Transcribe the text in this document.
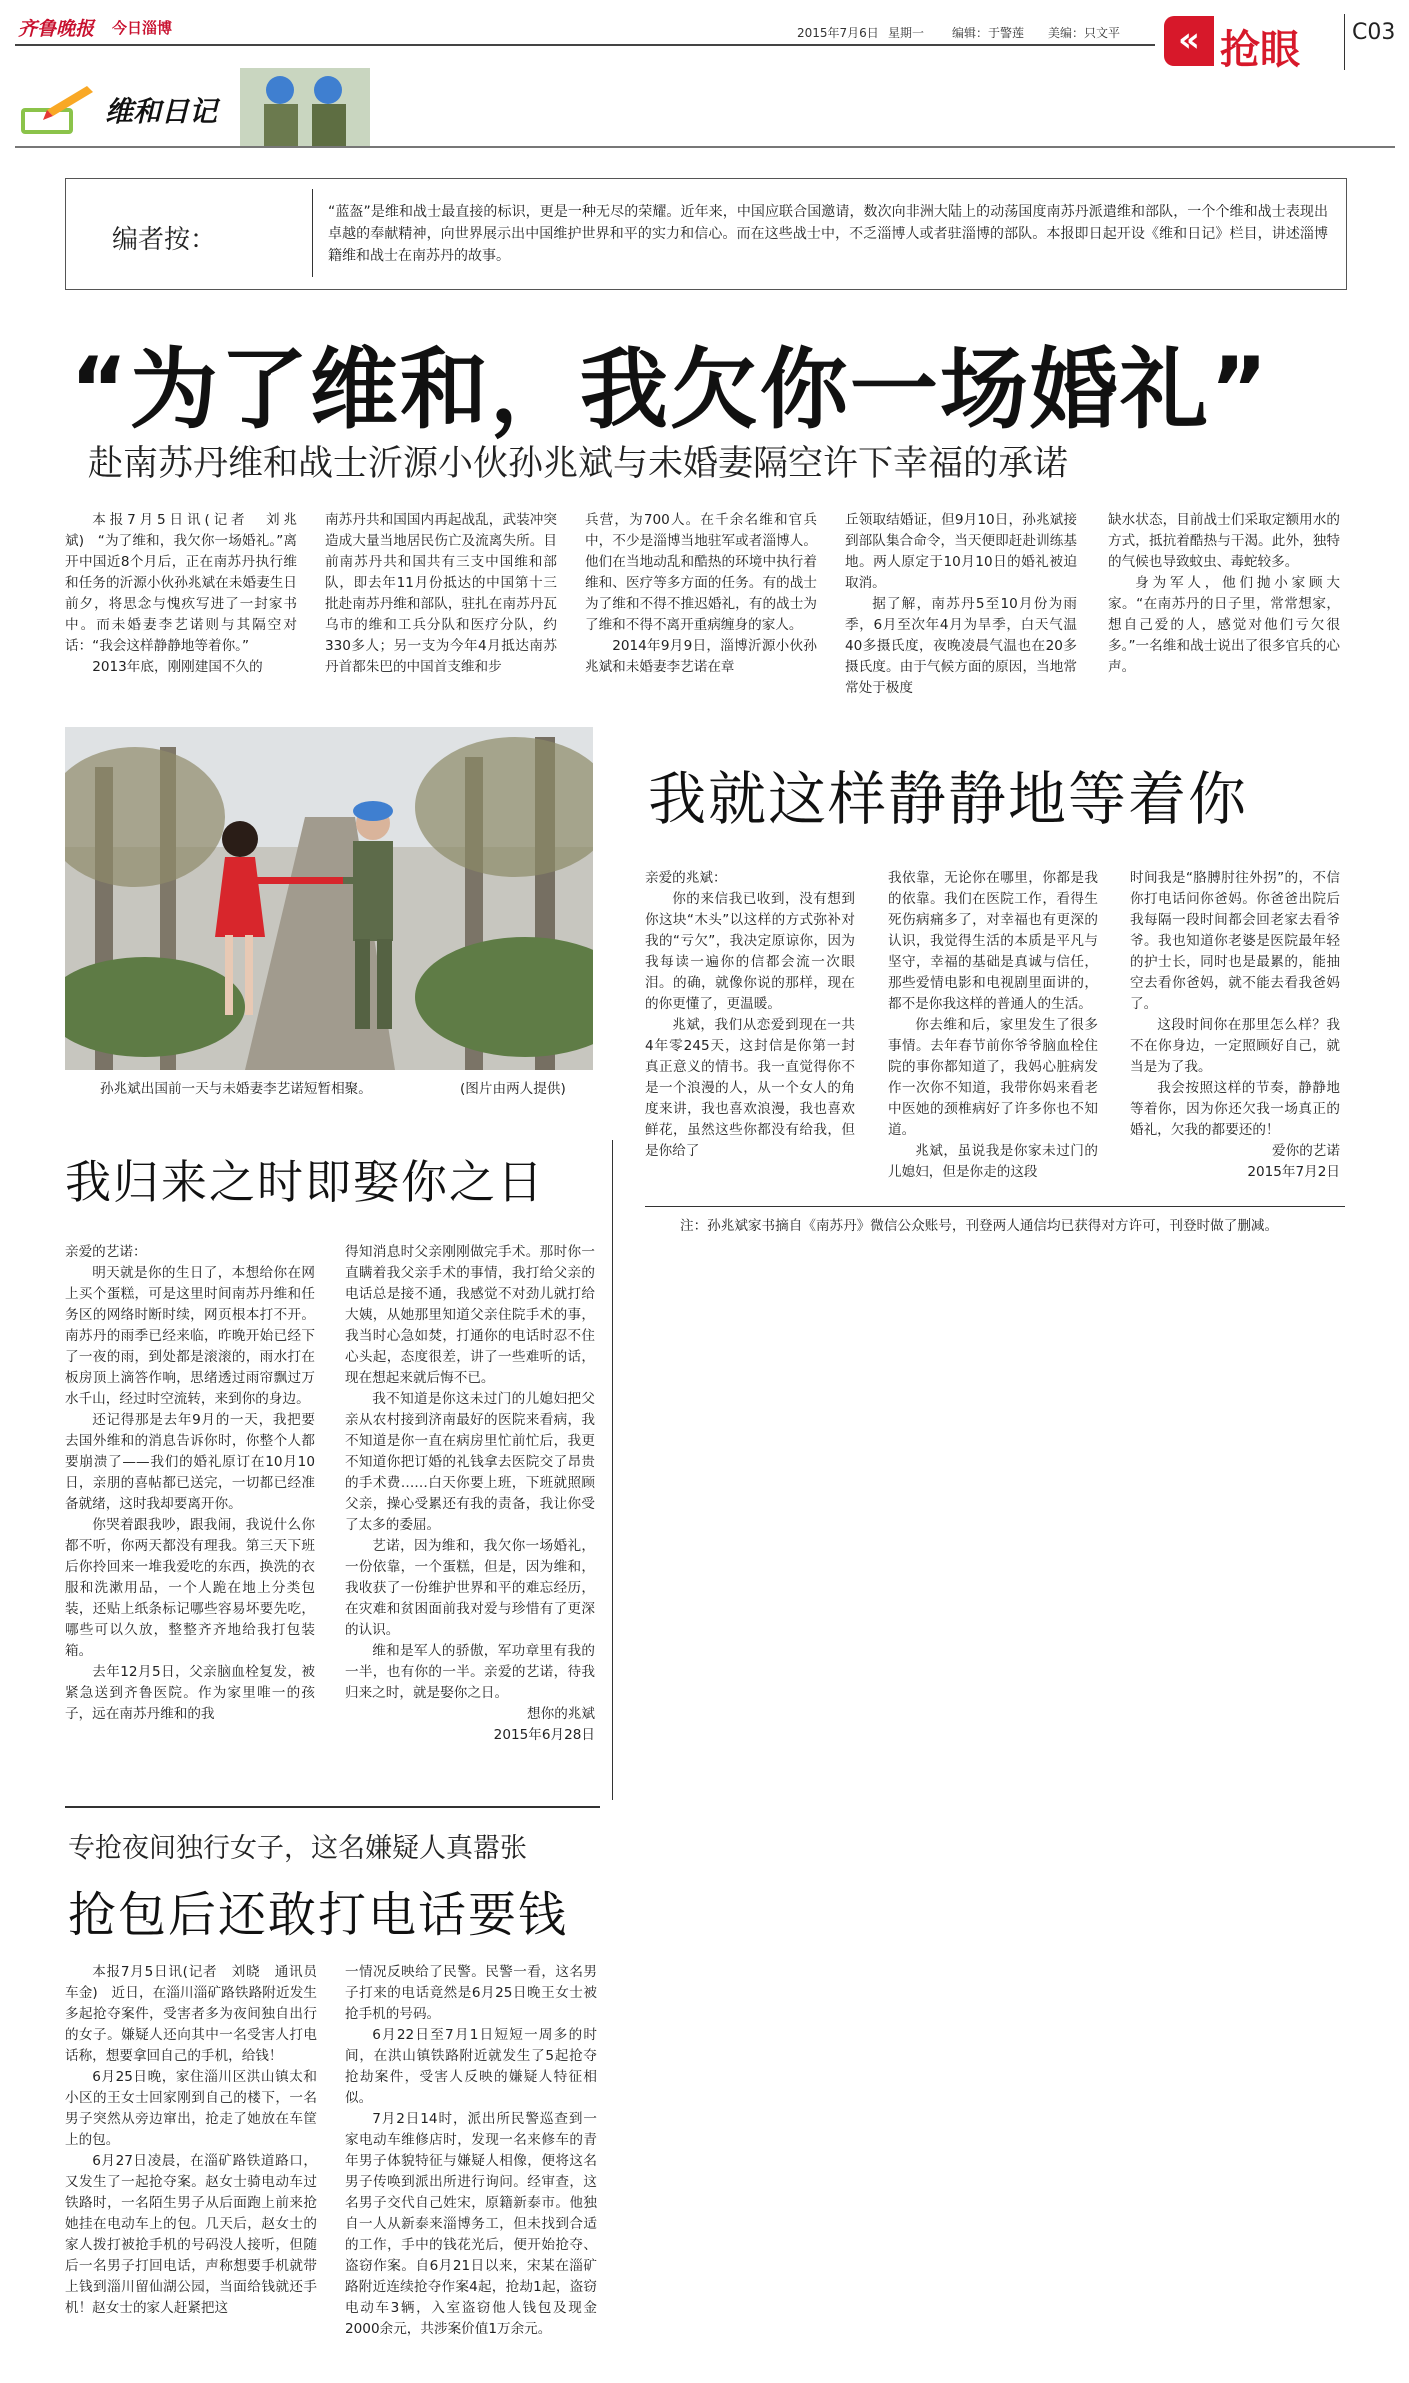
齐鲁晚报 今日淄博	2015年7月6日 星期一 编辑：于警莲 美编：只文平	« 抢眼 C03
维和日记
编者按：
“蓝盔”是维和战士最直接的标识，更是一种无尽的荣耀。近年来，中国应联合国邀请，数次向非洲大陆上的动荡国度南苏丹派遣维和部队，一个个维和战士表现出卓越的奉献精神，向世界展示出中国维护世界和平的实力和信心。而在这些战士中，不乏淄博人或者驻淄博的部队。本报即日起开设《维和日记》栏目，讲述淄博籍维和战士在南苏丹的故事。
“为了维和，我欠你一场婚礼”
赴南苏丹维和战士沂源小伙孙兆斌与未婚妻隔空许下幸福的承诺

本报7月5日讯(记者　刘兆斌)　“为了维和，我欠你一场婚礼。”离开中国近8个月后，正在南苏丹执行维和任务的沂源小伙孙兆斌在未婚妻生日前夕，将思念与愧疚写进了一封家书中。而未婚妻李艺诺则与其隔空对话：“我会这样静静地等着你。”

2013年底，刚刚建国不久的

南苏丹共和国国内再起战乱，武装冲突造成大量当地居民伤亡及流离失所。目前南苏丹共和国共有三支中国维和部队，即去年11月份抵达的中国第十三批赴南苏丹维和部队，驻扎在南苏丹瓦乌市的维和工兵分队和医疗分队，约330多人；另一支为今年4月抵达南苏丹首都朱巴的中国首支维和步

兵营，为700人。在千余名维和官兵中，不少是淄博当地驻军或者淄博人。他们在当地动乱和酷热的环境中执行着维和、医疗等多方面的任务。有的战士为了维和不得不推迟婚礼，有的战士为了维和不得不离开重病缠身的家人。

2014年9月9日，淄博沂源小伙孙兆斌和未婚妻李艺诺在章

丘领取结婚证，但9月10日，孙兆斌接到部队集合命令，当天便即赶赴训练基地。两人原定于10月10日的婚礼被迫取消。

据了解，南苏丹5至10月份为雨季，6月至次年4月为旱季，白天气温40多摄氏度，夜晚凌晨气温也在20多摄氏度。由于气候方面的原因，当地常常处于极度

缺水状态，目前战士们采取定额用水的方式，抵抗着酷热与干渴。此外，独特的气候也导致蚊虫、毒蛇较多。

身为军人，他们抛小家顾大家。“在南苏丹的日子里，常常想家，想自己爱的人，感觉对他们亏欠很多。”一名维和战士说出了很多官兵的心声。

孙兆斌出国前一天与未婚妻李艺诺短暂相聚。	(图片由两人提供)
我就这样静静地等着你

亲爱的兆斌：

你的来信我已收到，没有想到你这块“木头”以这样的方式弥补对我的“亏欠”，我决定原谅你，因为我每读一遍你的信都会流一次眼泪。的确，就像你说的那样，现在的你更懂了，更温暖。

兆斌，我们从恋爱到现在一共4年零245天，这封信是你第一封真正意义的情书。我一直觉得你不是一个浪漫的人，从一个女人的角度来讲，我也喜欢浪漫，我也喜欢鲜花，虽然这些你都没有给我，但是你给了

我依靠，无论你在哪里，你都是我的依靠。我们在医院工作，看得生死伤病痛多了，对幸福也有更深的认识，我觉得生活的本质是平凡与坚守，幸福的基础是真诚与信任，那些爱情电影和电视剧里面讲的，都不是你我这样的普通人的生活。

你去维和后，家里发生了很多事情。去年春节前你爷爷脑血栓住院的事你都知道了，我妈心脏病发作一次你不知道，我带你妈来看老中医她的颈椎病好了许多你也不知道。

兆斌，虽说我是你家未过门的儿媳妇，但是你走的这段

时间我是“胳膊肘往外拐”的，不信你打电话问你爸妈。你爸爸出院后我每隔一段时间都会回老家去看爷爷。我也知道你老婆是医院最年轻的护士长，同时也是最累的，能抽空去看你爸妈，就不能去看我爸妈了。

这段时间你在那里怎么样？我不在你身边，一定照顾好自己，就当是为了我。

我会按照这样的节奏，静静地等着你，因为你还欠我一场真正的婚礼，欠我的都要还的！

爱你的艺诺

2015年7月2日

注：孙兆斌家书摘自《南苏丹》微信公众账号，刊登两人通信均已获得对方许可，刊登时做了删减。
我归来之时即娶你之日

亲爱的艺诺：

明天就是你的生日了，本想给你在网上买个蛋糕，可是这里时间南苏丹维和任务区的网络时断时续，网页根本打不开。南苏丹的雨季已经来临，昨晚开始已经下了一夜的雨，到处都是滚滚的，雨水打在板房顶上滴答作响，思绪透过雨帘飘过万水千山，经过时空流转，来到你的身边。

还记得那是去年9月的一天，我把要去国外维和的消息告诉你时，你整个人都要崩溃了——我们的婚礼原订在10月10日，亲朋的喜帖都已送完，一切都已经准备就绪，这时我却要离开你。

你哭着跟我吵，跟我闹，我说什么你都不听，你两天都没有理我。第三天下班后你拎回来一堆我爱吃的东西，换洗的衣服和洗漱用品，一个人跪在地上分类包装，还贴上纸条标记哪些容易坏要先吃，哪些可以久放，整整齐齐地给我打包装箱。

去年12月5日，父亲脑血栓复发，被紧急送到齐鲁医院。作为家里唯一的孩子，远在南苏丹维和的我

得知消息时父亲刚刚做完手术。那时你一直瞒着我父亲手术的事情，我打给父亲的电话总是接不通，我感觉不对劲儿就打给大姨，从她那里知道父亲住院手术的事，我当时心急如焚，打通你的电话时忍不住心头起，态度很差，讲了一些难听的话，现在想起来就后悔不已。

我不知道是你这未过门的儿媳妇把父亲从农村接到济南最好的医院来看病，我不知道是你一直在病房里忙前忙后，我更不知道你把订婚的礼钱拿去医院交了昂贵的手术费……白天你要上班，下班就照顾父亲，操心受累还有我的责备，我让你受了太多的委屈。

艺诺，因为维和，我欠你一场婚礼，一份依靠，一个蛋糕，但是，因为维和，我收获了一份维护世界和平的难忘经历，在灾难和贫困面前我对爱与珍惜有了更深的认识。

维和是军人的骄傲，军功章里有我的一半，也有你的一半。亲爱的艺诺，待我归来之时，就是娶你之日。

想你的兆斌

2015年6月28日

专抢夜间独行女子，这名嫌疑人真嚣张
抢包后还敢打电话要钱

本报7月5日讯(记者　刘晓　通讯员　车金)　近日，在淄川淄矿路铁路附近发生多起抢夺案件，受害者多为夜间独自出行的女子。嫌疑人还向其中一名受害人打电话称，想要拿回自己的手机，给钱！

6月25日晚，家住淄川区洪山镇太和小区的王女士回家刚到自己的楼下，一名男子突然从旁边窜出，抢走了她放在车筐上的包。

6月27日凌晨，在淄矿路铁道路口，又发生了一起抢夺案。赵女士骑电动车过铁路时，一名陌生男子从后面跑上前来抢她挂在电动车上的包。几天后，赵女士的家人拨打被抢手机的号码没人接听，但随后一名男子打回电话，声称想要手机就带上钱到淄川留仙湖公园，当面给钱就还手机！赵女士的家人赶紧把这

一情况反映给了民警。民警一看，这名男子打来的电话竟然是6月25日晚王女士被抢手机的号码。

6月22日至7月1日短短一周多的时间，在洪山镇铁路附近就发生了5起抢夺抢劫案件，受害人反映的嫌疑人特征相似。

7月2日14时，派出所民警巡查到一家电动车维修店时，发现一名来修车的青年男子体貌特征与嫌疑人相像，便将这名男子传唤到派出所进行询问。经审查，这名男子交代自己姓宋，原籍新泰市。他独自一人从新泰来淄博务工，但未找到合适的工作，手中的钱花光后，便开始抢夺、盗窃作案。自6月21日以来，宋某在淄矿路附近连续抢夺作案4起，抢劫1起，盗窃电动车3辆，入室盗窃他人钱包及现金2000余元，共涉案价值1万余元。
